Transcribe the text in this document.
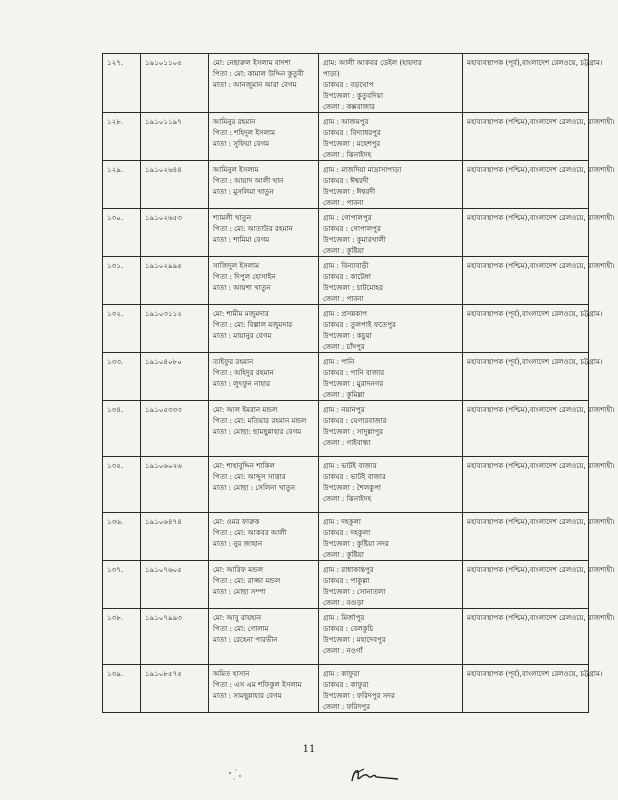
১২৭.	১৯১০১১০৫	মো: নেছারুল ইসলাম বাদশা
পিতা : মো: কামাল উদ্দিন কুতুবী
মাতা : আনজুমান আরা বেগম	গ্রাম: আলী আকবর ডেইল (হায়দার
পাড়া)
ডাকঘর : বড়ঘোপ
উপজেলা : কুতুবদিয়া
জেলা : কক্সবাজার	মহাব্যবস্থাপক (পূর্ব),বাংলাদেশ রেলওয়ে, চট্টগ্রাম।

১২৮.	১৯১০১১৯৭	আমিনুর রহমান
পিতা : শহিদুল ইসলাম
মাতা : সুফিয়া বেগম	গ্রাম : আজমপুর
ডাকঘর : বিদ্যাধরপুর
উপজেলা : মহেশপুর
জেলা : ঝিনাইদহ	মহাব্যবস্থাপক (পশ্চিম),বাংলাদেশ রেলওয়ে, রাজশাহী।

১২৯.	১৯১০২৬৪৪	আমিনুল ইসলাম
পিতা : আয়াদ আলী খান
মাতা : মুসলিমা খাতুন	গ্রাম : মাজদিয়া মাদ্রাসাপাড়া
ডাকঘর : ঈশ্বরদী
উপজেলা : ঈশ্বরদী
জেলা : পাবনা	মহাব্যবস্থাপক (পশ্চিম),বাংলাদেশ রেলওয়ে, রাজশাহী।

১৩০.	১৯১০২৬৫৩	শ্যামলী খাতুন
পিতা : মো: আতাউর রহমান
মাতা : শামিমা বেগম	গ্রাম : গোপালপুর
ডাকঘর : গোপালপুর
উপজেলা : কুমারখালী
জেলা : কুষ্টিয়া	মহাব্যবস্থাপক (পশ্চিম),বাংলাদেশ রেলওয়ে, রাজশাহী।

১৩১.	১৯১০২৯৯৫	সাজিদুল ইসলাম
পিতা : দিপুল হোসাইন
মাতা : আয়শা খাতুন	গ্রাম : বিন্যাবাড়ী
ডাকঘর : কাটেঙ্গা
উপজেলা : চাটমোহর
জেলা : পাবনা	মহাব্যবস্থাপক (পশ্চিম),বাংলাদেশ রেলওয়ে, রাজশাহী।

১৩২.	১৯১০৩১১২	মো: শামীম মজুমদার
পিতা : মো: বিল্লাল মজুমদার
মাতা : মায়ানুর বেগম	গ্রাম : প্রসন্নকাপ
ডাকঘর : তুলপাই ফতেপুর
উপজেলা : কচুয়া
জেলা : চাঁদপুর	মহাব্যবস্থাপক (পূর্ব),বাংলাদেশ রেলওয়ে, চট্টগ্রাম।

১৩৩.	১৯১০৪০৮০	তাইফুর রহমান
পিতা : অহিদুর রহমান
মাতা : লুৎফুন নাহার	গ্রাম : পানি
ডাকঘর : পানি বাজার
উপজেলা : মুরাদনগর
জেলা : কুমিল্লা	মহাব্যবস্থাপক (পূর্ব),বাংলাদেশ রেলওয়ে, চট্টগ্রাম।

১৩৪.	১৯১০৫৩৩৩	মো: আল ইমরান মন্ডল
পিতা : মো: মতিয়ার রহমান মন্ডল
মাতা : মোছা: ছামছুন্নাহার বেগম	গ্রাম : নয়ানপুর
ডাকঘর : ঘেগারবাজার
উপজেলা : সাদুল্লাপুর
জেলা : গাইবান্ধা	মহাব্যবস্থাপক (পশ্চিম),বাংলাদেশ রেলওয়ে, রাজশাহী।

১৩৫.	১৯১০৬০২৬	মো: শাহাবুদ্দিন শাকিল
পিতা : মো: আব্দুস সাত্তার
মাতা : মোছা : সেলিনা খাতুন	গ্রাম : ভাটই বাজার
ডাকঘর : ভাটই বাজার
উপজেলা : শৈলকুপা
জেলা : ঝিনাইদহ	মহাব্যবস্থাপক (পশ্চিম),বাংলাদেশ রেলওয়ে, রাজশাহী।

১৩৬.	১৯১০৬৪৭৪	মো: ওমর ফারুক
পিতা : মো: আকবর আলী
মাতা : নুর জাহান	গ্রাম : দহকুলা
ডাকঘর : দহকুলা
উপজেলা : কুষ্টিয়া সদর
জেলা : কুষ্টিয়া	মহাব্যবস্থাপক (পশ্চিম),বাংলাদেশ রেলওয়ে, রাজশাহী।

১৩৭.	১৯১০৭৬০৫	মো: আরিফ মন্ডল
পিতা : মো: রাজ্জা মন্ডল
মাতা : মোছা সম্পা	গ্রাম : রাধাকান্তপুর
ডাকঘর : পাকুল্লা
উপজেলা : সোনাতলা
জেলা : বগুড়া	মহাব্যবস্থাপক (পশ্চিম),বাংলাদেশ রেলওয়ে, রাজশাহী।

১৩৮.	১৯১০৭৯৯৩	মো: আবু রায়হান
পিতা : মো: গোলাম
মাতা : রেহেনা পারভীন	গ্রাম : মির্জাপুর
ডাকঘর : বেলকুচি
উপজেলা : মহাদেবপুর
জেলা : নওগাঁ	মহাব্যবস্থাপক (পশ্চিম),বাংলাদেশ রেলওয়ে, রাজশাহী।

১৩৯.	১৯১০৮৫৭৫	অমিত হাসান
পিতা : এস এম শফিকুল ইসলাম
মাতা : সামছুন্নাহার বেগম	গ্রাম : কাফুরা
ডাকঘর : কাফুরা
উপজেলা : ফরিদপুর সদর
জেলা : ফরিদপুর	মহাব্যবস্থাপক (পূর্ব),বাংলাদেশ রেলওয়ে, চট্টগ্রাম।
11
